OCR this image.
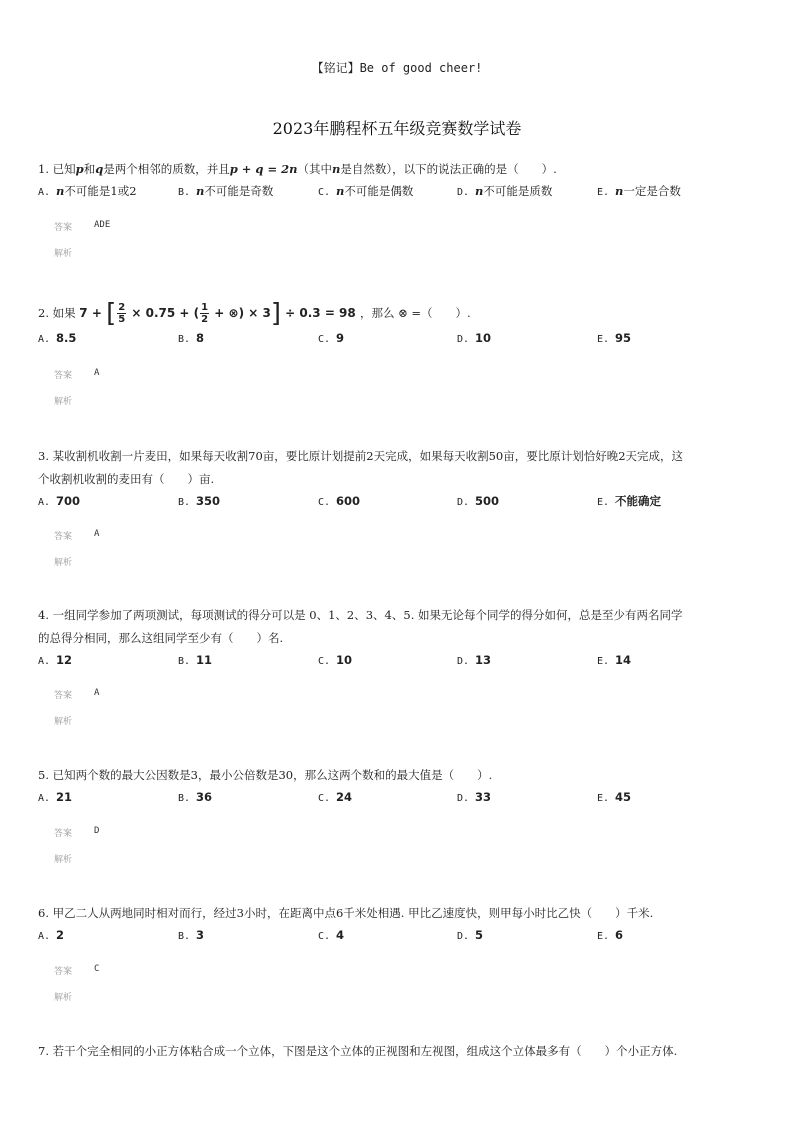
【铭记】Be of good cheer!
2023年鹏程杯五年级竞赛数学试卷

1. 已知p和q是两个相邻的质数，并且p + q = 2n（其中n是自然数），以下的说法正确的是（　　）.

A. n不可能是1或2	B. n不可能是奇数	C. n不可能是偶数	D. n不可能是质数	E. n一定是合数
答案 ADE
解析

2. 如果 7 + [ $\frac{2}{5} \times 0.75$ + ( $\frac{1}{2}$ + ⊗) × 3] ÷ 0.3 = 98 ，那么 ⊗ =（　　）.

A. 8.5	B. 8	C. 9	D. 10	E. 95
答案 A
解析

3. 某收割机收割一片麦田，如果每天收割70亩，要比原计划提前2天完成，如果每天收割50亩，要比原计划恰好晚2天完成，这
个收割机收割的麦田有（　　）亩.

A. 700	B. 350	C. 600	D. 500	E. 不能确定
答案 A
解析

4. 一组同学参加了两项测试，每项测试的得分可以是 0、1、2、3、4、5. 如果无论每个同学的得分如何，总是至少有两名同学
的总得分相同，那么这组同学至少有（　　）名.

A. 12	B. 11	C. 10	D. 13	E. 14
答案 A
解析

5. 已知两个数的最大公因数是3，最小公倍数是30，那么这两个数和的最大值是（　　）.

A. 21	B. 36	C. 24	D. 33	E. 45
答案 D
解析

6. 甲乙二人从两地同时相对而行，经过3小时，在距离中点6千米处相遇. 甲比乙速度快，则甲每小时比乙快（　　）千米.

A. 2	B. 3	C. 4	D. 5	E. 6
答案 C
解析

7. 若干个完全相同的小正方体粘合成一个立体，下图是这个立体的正视图和左视图，组成这个立体最多有（　　）个小正方体.
